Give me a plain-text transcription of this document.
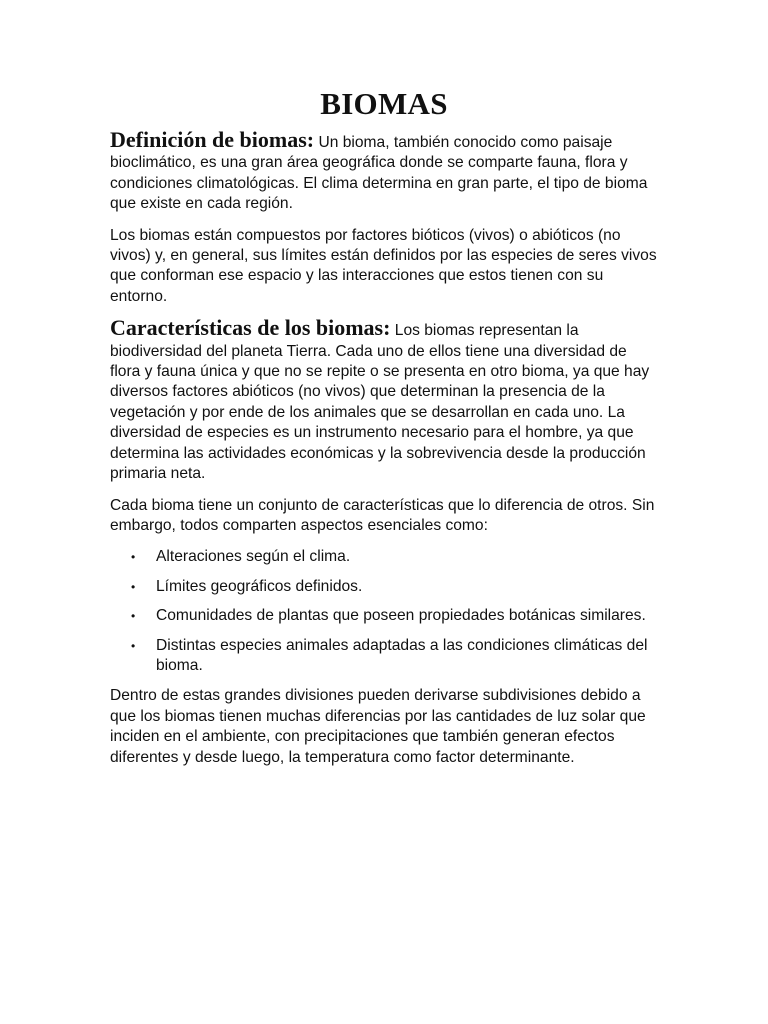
BIOMAS

Definición de biomas: Un bioma, también conocido como paisaje bioclimático, es una gran área geográfica donde se comparte fauna, flora y condiciones climatológicas. El clima determina en gran parte, el tipo de bioma que existe en cada región.

Los biomas están compuestos por factores bióticos (vivos) o abióticos (no vivos) y, en general, sus límites están definidos por las especies de seres vivos que conforman ese espacio y las interacciones que estos tienen con su entorno.

Características de los biomas: Los biomas representan la biodiversidad del planeta Tierra. Cada uno de ellos tiene una diversidad de flora y fauna única y que no se repite o se presenta en otro bioma, ya que hay diversos factores abióticos (no vivos) que determinan la presencia de la vegetación y por ende de los animales que se desarrollan en cada uno. La diversidad de especies es un instrumento necesario para el hombre, ya que determina las actividades económicas y la sobrevivencia desde la producción primaria neta.

Cada bioma tiene un conjunto de características que lo diferencia de otros. Sin embargo, todos comparten aspectos esenciales como:

• Alteraciones según el clima.
• Límites geográficos definidos.
• Comunidades de plantas que poseen propiedades botánicas similares.
• Distintas especies animales adaptadas a las condiciones climáticas del bioma.

Dentro de estas grandes divisiones pueden derivarse subdivisiones debido a que los biomas tienen muchas diferencias por las cantidades de luz solar que inciden en el ambiente, con precipitaciones que también generan efectos diferentes y desde luego, la temperatura como factor determinante.
